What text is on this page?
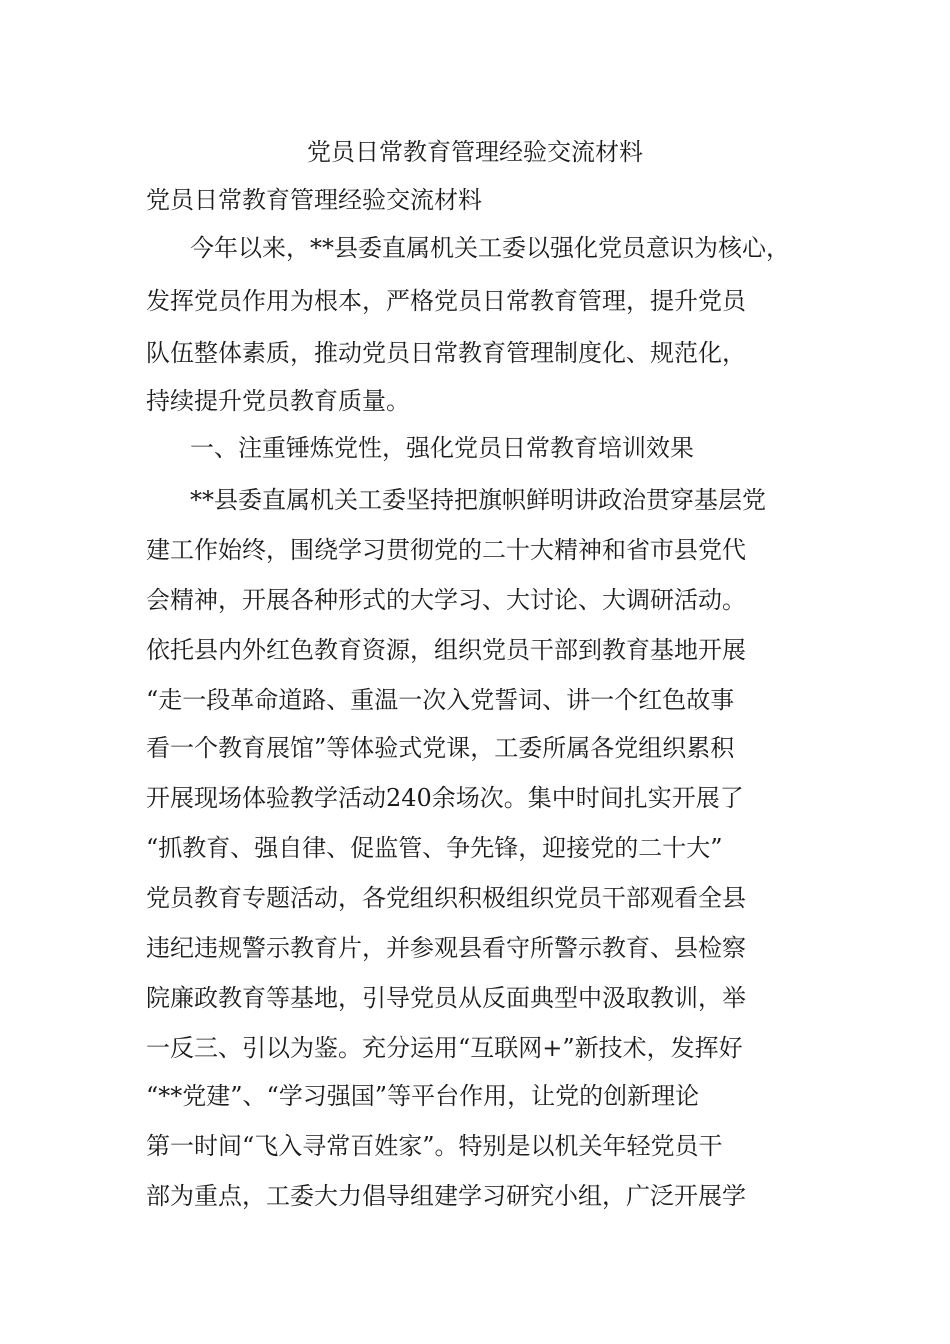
党员日常教育管理经验交流材料

党员日常教育管理经验交流材料

今年以来，**县委直属机关工委以强化党员意识为核心，

发挥党员作用为根本，严格党员日常教育管理，提升党员

队伍整体素质，推动党员日常教育管理制度化、规范化，

持续提升党员教育质量。

一、注重锤炼党性，强化党员日常教育培训效果

**县委直属机关工委坚持把旗帜鲜明讲政治贯穿基层党

建工作始终，围绕学习贯彻党的二十大精神和省市县党代

会精神，开展各种形式的大学习、大讨论、大调研活动。

依托县内外红色教育资源，组织党员干部到教育基地开展

“走一段革命道路、重温一次入党誓词、讲一个红色故事

看一个教育展馆”等体验式党课，工委所属各党组织累积

开展现场体验教学活动240余场次。集中时间扎实开展了

“抓教育、强自律、促监管、争先锋，迎接党的二十大”

党员教育专题活动，各党组织积极组织党员干部观看全县

违纪违规警示教育片，并参观县看守所警示教育、县检察

院廉政教育等基地，引导党员从反面典型中汲取教训，举

一反三、引以为鉴。充分运用“互联网+”新技术，发挥好

“**党建”、“学习强国”等平台作用，让党的创新理论

第一时间“飞入寻常百姓家”。特别是以机关年轻党员干

部为重点，工委大力倡导组建学习研究小组，广泛开展学
